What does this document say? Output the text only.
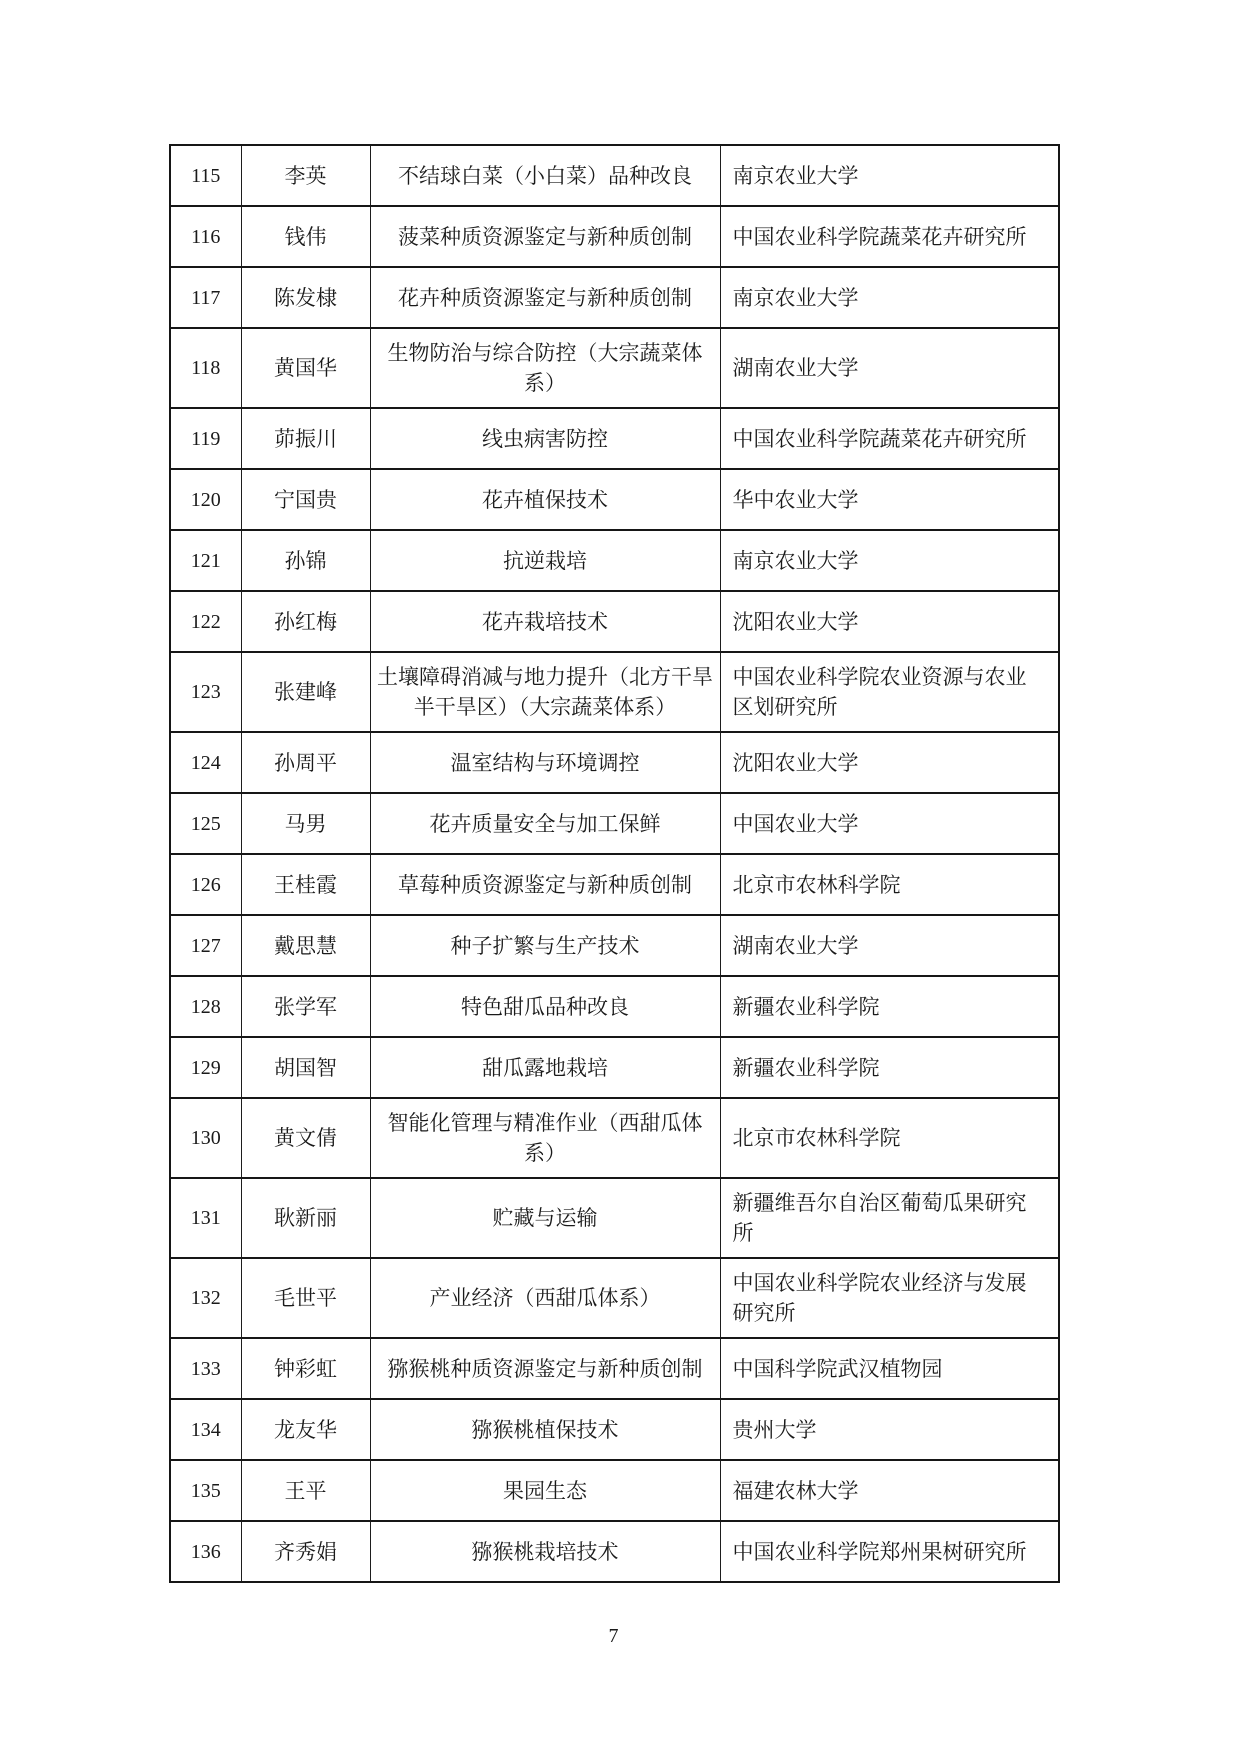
115	李英	不结球白菜（小白菜）品种改良	南京农业大学
116	钱伟	菠菜种质资源鉴定与新种质创制	中国农业科学院蔬菜花卉研究所
117	陈发棣	花卉种质资源鉴定与新种质创制	南京农业大学
118	黄国华	生物防治与综合防控（大宗蔬菜体系）	湖南农业大学
119	茆振川	线虫病害防控	中国农业科学院蔬菜花卉研究所
120	宁国贵	花卉植保技术	华中农业大学
121	孙锦	抗逆栽培	南京农业大学
122	孙红梅	花卉栽培技术	沈阳农业大学
123	张建峰	土壤障碍消减与地力提升（北方干旱半干旱区）（大宗蔬菜体系）	中国农业科学院农业资源与农业区划研究所
124	孙周平	温室结构与环境调控	沈阳农业大学
125	马男	花卉质量安全与加工保鲜	中国农业大学
126	王桂霞	草莓种质资源鉴定与新种质创制	北京市农林科学院
127	戴思慧	种子扩繁与生产技术	湖南农业大学
128	张学军	特色甜瓜品种改良	新疆农业科学院
129	胡国智	甜瓜露地栽培	新疆农业科学院
130	黄文倩	智能化管理与精准作业（西甜瓜体系）	北京市农林科学院
131	耿新丽	贮藏与运输	新疆维吾尔自治区葡萄瓜果研究所
132	毛世平	产业经济（西甜瓜体系）	中国农业科学院农业经济与发展研究所
133	钟彩虹	猕猴桃种质资源鉴定与新种质创制	中国科学院武汉植物园
134	龙友华	猕猴桃植保技术	贵州大学
135	王平	果园生态	福建农林大学
136	齐秀娟	猕猴桃栽培技术	中国农业科学院郑州果树研究所
7
